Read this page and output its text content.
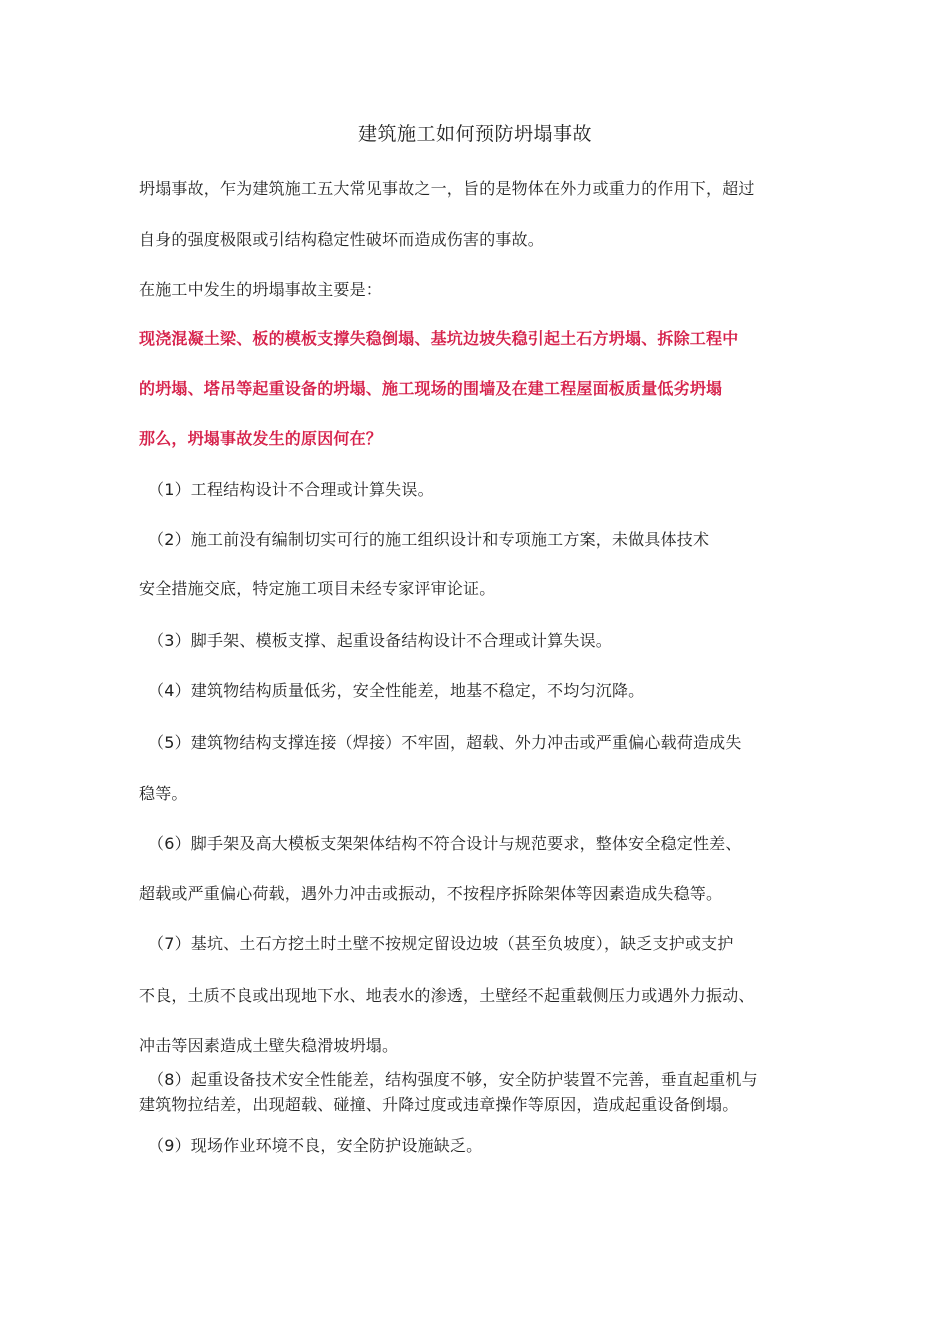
建筑施工如何预防坍塌事故
坍塌事故，乍为建筑施工五大常见事故之一，旨的是物体在外力或重力的作用下，超过
自身的强度极限或引结构稳定性破坏而造成伤害的事故。
在施工中发生的坍塌事故主要是：
现浇混凝土梁、板的模板支撑失稳倒塌、基坑边坡失稳引起土石方坍塌、拆除工程中
的坍塌、塔吊等起重设备的坍塌、施工现场的围墙及在建工程屋面板质量低劣坍塌
那么，坍塌事故发生的原因何在？
（1）工程结构设计不合理或计算失误。
（2）施工前没有编制切实可行的施工组织设计和专项施工方案，未做具体技术
安全措施交底，特定施工项目未经专家评审论证。
（3）脚手架、模板支撑、起重设备结构设计不合理或计算失误。
（4）建筑物结构质量低劣，安全性能差，地基不稳定，不均匀沉降。
（5）建筑物结构支撑连接（焊接）不牢固，超载、外力冲击或严重偏心载荷造成失
稳等。
（6）脚手架及高大模板支架架体结构不符合设计与规范要求，整体安全稳定性差、
超载或严重偏心荷载，遇外力冲击或振动，不按程序拆除架体等因素造成失稳等。
（7）基坑、土石方挖土时土壁不按规定留设边坡（甚至负坡度），缺乏支护或支护
不良，土质不良或出现地下水、地表水的渗透，土壁经不起重载侧压力或遇外力振动、
冲击等因素造成土壁失稳滑坡坍塌。
（8）起重设备技术安全性能差，结构强度不够，安全防护装置不完善，垂直起重机与
建筑物拉结差，出现超载、碰撞、升降过度或违章操作等原因，造成起重设备倒塌。
（9）现场作业环境不良，安全防护设施缺乏。
